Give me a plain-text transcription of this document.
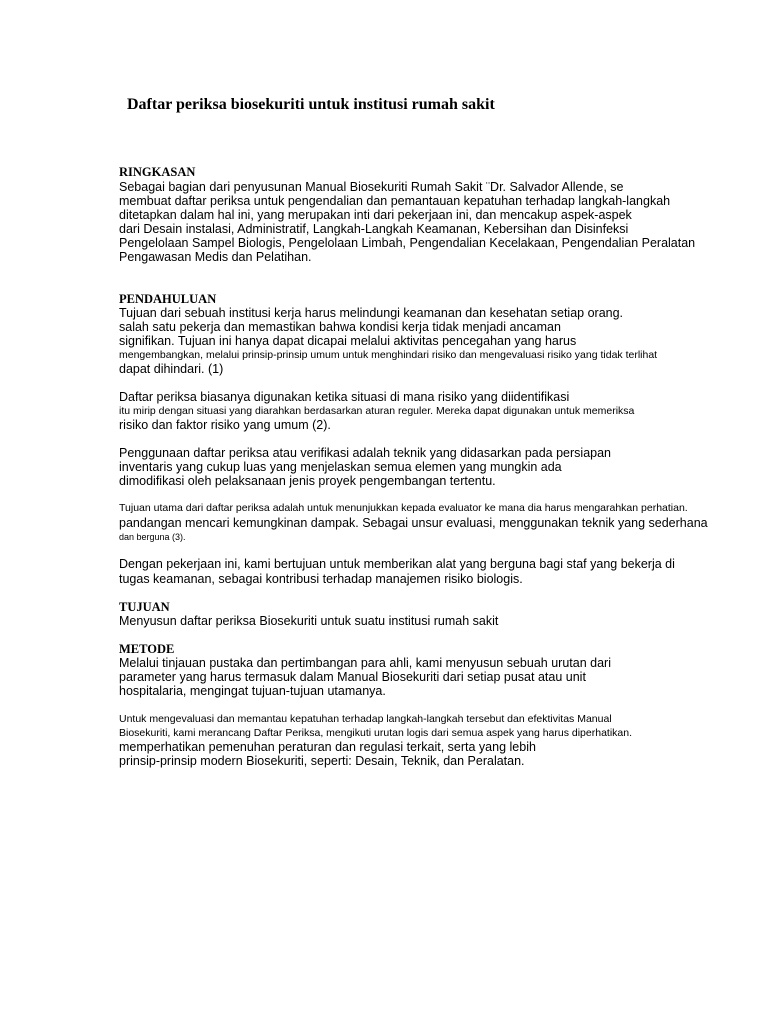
Daftar periksa biosekuriti untuk institusi rumah sakit
RINGKASAN
Sebagai bagian dari penyusunan Manual Biosekuriti Rumah Sakit ¨Dr. Salvador Allende, se
membuat daftar periksa untuk pengendalian dan pemantauan kepatuhan terhadap langkah-langkah
ditetapkan dalam hal ini, yang merupakan inti dari pekerjaan ini, dan mencakup aspek-aspek
dari Desain instalasi, Administratif, Langkah-Langkah Keamanan, Kebersihan dan Disinfeksi
Pengelolaan Sampel Biologis, Pengelolaan Limbah, Pengendalian Kecelakaan, Pengendalian Peralatan
Pengawasan Medis dan Pelatihan.
PENDAHULUAN
Tujuan dari sebuah institusi kerja harus melindungi keamanan dan kesehatan setiap orang.
salah satu pekerja dan memastikan bahwa kondisi kerja tidak menjadi ancaman
signifikan. Tujuan ini hanya dapat dicapai melalui aktivitas pencegahan yang harus
mengembangkan, melalui prinsip-prinsip umum untuk menghindari risiko dan mengevaluasi risiko yang tidak terlihat
dapat dihindari. (1)
Daftar periksa biasanya digunakan ketika situasi di mana risiko yang diidentifikasi
itu mirip dengan situasi yang diarahkan berdasarkan aturan reguler. Mereka dapat digunakan untuk memeriksa
risiko dan faktor risiko yang umum (2).
Penggunaan daftar periksa atau verifikasi adalah teknik yang didasarkan pada persiapan
inventaris yang cukup luas yang menjelaskan semua elemen yang mungkin ada
dimodifikasi oleh pelaksanaan jenis proyek pengembangan tertentu.
Tujuan utama dari daftar periksa adalah untuk menunjukkan kepada evaluator ke mana dia harus mengarahkan perhatian.
pandangan mencari kemungkinan dampak. Sebagai unsur evaluasi, menggunakan teknik yang sederhana
dan berguna (3).
Dengan pekerjaan ini, kami bertujuan untuk memberikan alat yang berguna bagi staf yang bekerja di
tugas keamanan, sebagai kontribusi terhadap manajemen risiko biologis.
TUJUAN
Menyusun daftar periksa Biosekuriti untuk suatu institusi rumah sakit
METODE
Melalui tinjauan pustaka dan pertimbangan para ahli, kami menyusun sebuah urutan dari
parameter yang harus termasuk dalam Manual Biosekuriti dari setiap pusat atau unit
hospitalaria, mengingat tujuan-tujuan utamanya.
Untuk mengevaluasi dan memantau kepatuhan terhadap langkah-langkah tersebut dan efektivitas Manual
Biosekuriti, kami merancang Daftar Periksa, mengikuti urutan logis dari semua aspek yang harus diperhatikan.
memperhatikan pemenuhan peraturan dan regulasi terkait, serta yang lebih
prinsip-prinsip modern Biosekuriti, seperti: Desain, Teknik, dan Peralatan.
